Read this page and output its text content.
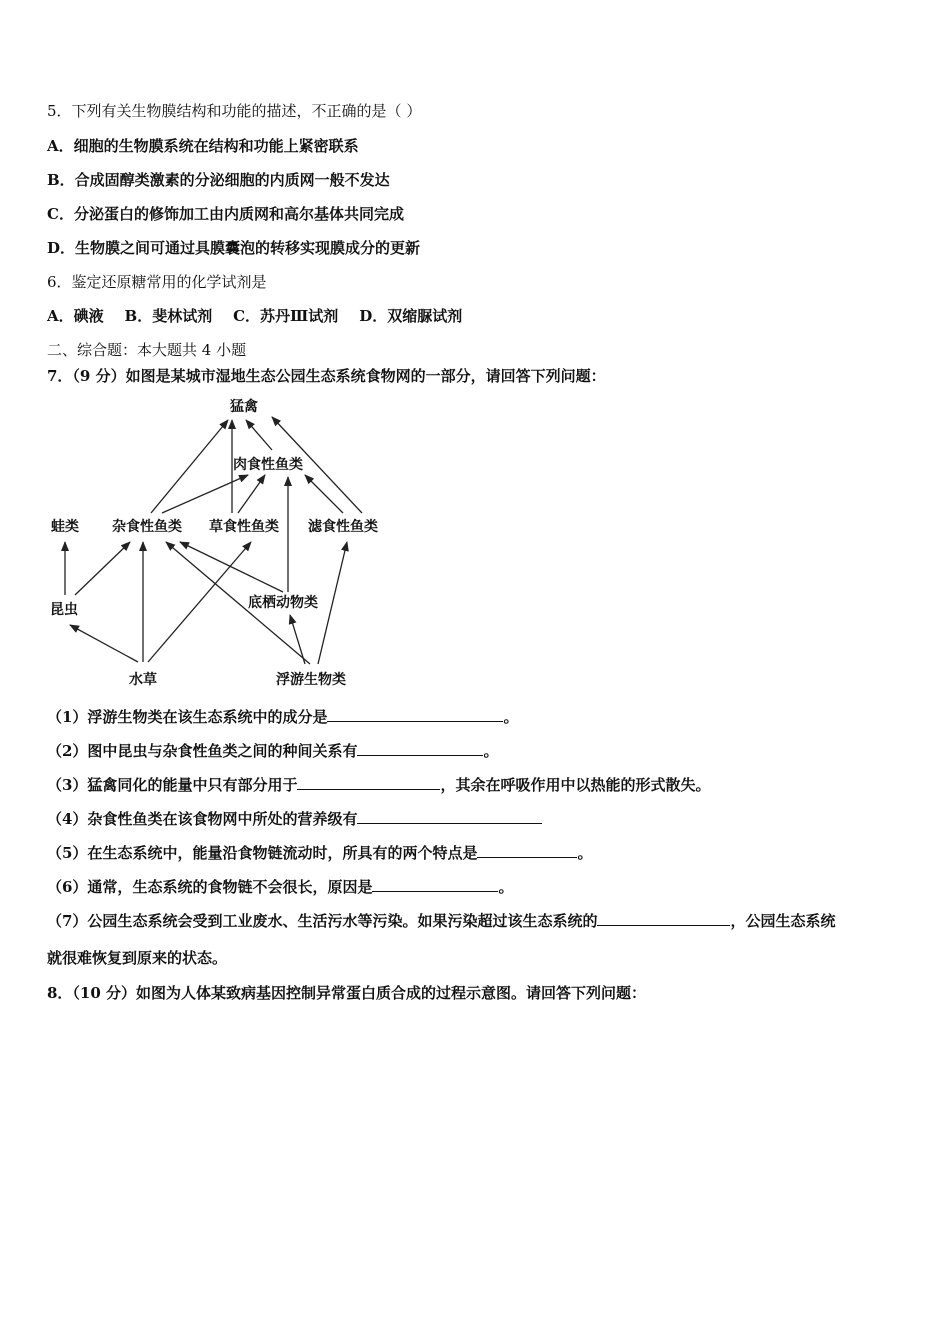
5．下列有关生物膜结构和功能的描述，不正确的是（ ）
A．细胞的生物膜系统在结构和功能上紧密联系
B．合成固醇类激素的分泌细胞的内质网一般不发达
C．分泌蛋白的修饰加工由内质网和高尔基体共同完成
D．生物膜之间可通过具膜囊泡的转移实现膜成分的更新
6．鉴定还原糖常用的化学试剂是
A．碘液    B．斐林试剂    C．苏丹Ⅲ试剂    D．双缩脲试剂
二、综合题：本大题共 4 小题
7．（9 分）如图是某城市湿地生态公园生态系统食物网的一部分，请回答下列问题：
猛禽
肉食性鱼类
蛙类 杂食性鱼类 草食性鱼类 滤食性鱼类
昆虫	底栖动物类
水草	浮游生物类
（1）浮游生物类在该生态系统中的成分是	。
（2）图中昆虫与杂食性鱼类之间的种间关系有	。
（3）猛禽同化的能量中只有部分用于	，其余在呼吸作用中以热能的形式散失。
（4）杂食性鱼类在该食物网中所处的营养级有
（5）在生态系统中，能量沿食物链流动时，所具有的两个特点是	。
（6）通常，生态系统的食物链不会很长，原因是	。
（7）公园生态系统会受到工业废水、生活污水等污染。如果污染超过该生态系统的	，公园生态系统
就很难恢复到原来的状态。
8．（10 分）如图为人体某致病基因控制异常蛋白质合成的过程示意图。请回答下列问题：
